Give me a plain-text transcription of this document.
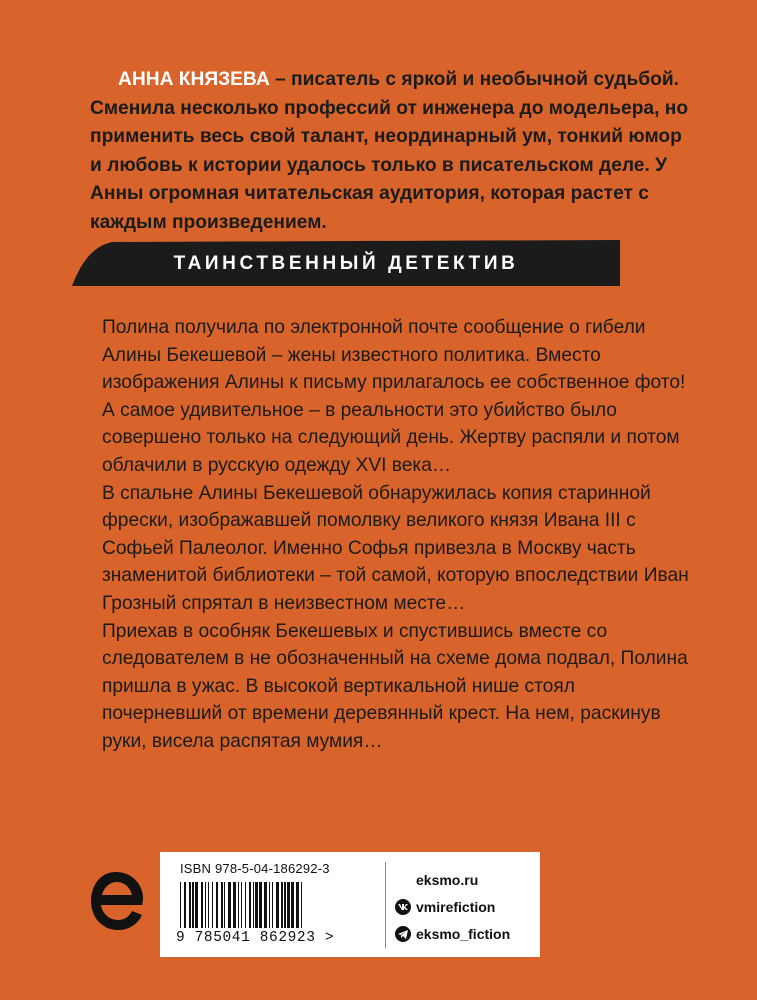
АННА КНЯЗЕВА – писатель с яркой и необычной судьбой. Сменила несколько профессий от инженера до модельера, но применить весь свой талант, неординарный ум, тонкий юмор и любовь к истории удалось только в писательском деле. У Анны огромная читательская аудитория, которая растет с каждым произведением.

ТАИНСТВЕННЫЙ ДЕТЕКТИВ

Полина получила по электронной почте сообщение о гибели Алины Бекешевой – жены известного политика. Вместо изображения Алины к письму прилагалось ее собственное фото! А самое удивительное – в реальности это убийство было совершено только на следующий день. Жертву распяли и потом облачили в русскую одежду XVI века…

В спальне Алины Бекешевой обнаружилась копия старинной фрески, изображавшей помолвку великого князя Ивана III с Софьей Палеолог. Именно Софья привезла в Москву часть знаменитой библиотеки – той самой, которую впоследствии Иван Грозный спрятал в неизвестном месте…

Приехав в особняк Бекешевых и спустившись вместе со следователем в не обозначенный на схеме дома подвал, Полина пришла в ужас. В высокой вертикальной нише стоял почерневший от времени деревянный крест. На нем, раскинув руки, висела распятая мумия…

ISBN 978-5-04-186292-3
9 785041 862923 >
eksmo.ru
vmirefiction
eksmo_fiction
